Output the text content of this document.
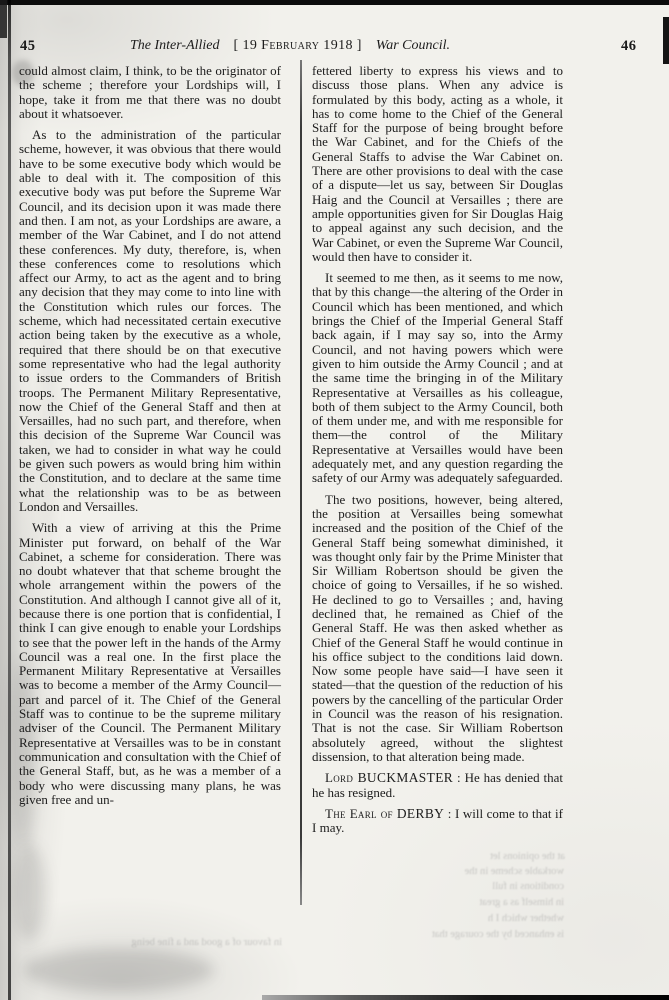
45	The Inter-Allied [ 19 February 1918 ] War Council.	46

could almost claim, I think, to be the originator of the scheme ; therefore your Lordships will, I hope, take it from me that there was no doubt about it whatsoever.

As to the administration of the particular scheme, however, it was obvious that there would have to be some executive body which would be able to deal with it. The composition of this executive body was put before the Supreme War Council, and its decision upon it was made there and then. I am not, as your Lordships are aware, a member of the War Cabinet, and I do not attend these conferences. My duty, therefore, is, when these conferences come to resolutions which affect our Army, to act as the agent and to bring any decision that they may come to into line with the Constitution which rules our forces. The scheme, which had necessitated certain executive action being taken by the executive as a whole, required that there should be on that executive some representative who had the legal authority to issue orders to the Commanders of British troops. The Permanent Military Representative, now the Chief of the General Staff and then at Versailles, had no such part, and therefore, when this decision of the Supreme War Council was taken, we had to consider in what way he could be given such powers as would bring him within the Constitution, and to declare at the same time what the relationship was to be as between London and Versailles.

With a view of arriving at this the Prime Minister put forward, on behalf of the War Cabinet, a scheme for consideration. There was no doubt whatever that that scheme brought the whole arrangement within the powers of the Constitution. And although I cannot give all of it, because there is one portion that is confidential, I think I can give enough to enable your Lordships to see that the power left in the hands of the Army Council was a real one. In the first place the Permanent Military Representative at Versailles was to become a member of the Army Council—part and parcel of it. The Chief of the General Staff was to continue to be the supreme military adviser of the Council. The Permanent Military Representative at Versailles was to be in constant communication and consultation with the Chief of the General Staff, but, as he was a member of a body who were discussing many plans, he was given free and un-

fettered liberty to express his views and to discuss those plans. When any advice is formulated by this body, acting as a whole, it has to come home to the Chief of the General Staff for the purpose of being brought before the War Cabinet, and for the Chiefs of the General Staffs to advise the War Cabinet on. There are other provisions to deal with the case of a dispute—let us say, between Sir Douglas Haig and the Council at Versailles ; there are ample opportunities given for Sir Douglas Haig to appeal against any such decision, and the War Cabinet, or even the Supreme War Council, would then have to consider it.

It seemed to me then, as it seems to me now, that by this change—the altering of the Order in Council which has been mentioned, and which brings the Chief of the Imperial General Staff back again, if I may say so, into the Army Council, and not having powers which were given to him outside the Army Council ; and at the same time the bringing in of the Military Representative at Versailles as his colleague, both of them subject to the Army Council, both of them under me, and with me responsible for them—the control of the Military Representative at Versailles would have been adequately met, and any question regarding the safety of our Army was adequately safeguarded.

The two positions, however, being altered, the position at Versailles being somewhat increased and the position of the Chief of the General Staff being somewhat diminished, it was thought only fair by the Prime Minister that Sir William Robertson should be given the choice of going to Versailles, if he so wished. He declined to go to Versailles ; and, having declined that, he remained as Chief of the General Staff. He was then asked whether as Chief of the General Staff he would continue in his office subject to the conditions laid down. Now some people have said—I have seen it stated—that the question of the reduction of his powers by the cancelling of the particular Order in Council was the reason of his resignation. That is not the case. Sir William Robertson absolutely agreed, without the slightest dissension, to that alteration being made.

Lord BUCKMASTER : He has denied that he has resigned.

The Earl of DERBY : I will come to that if I may.

at the opinions let
workable scheme in the
conditions in full
in himself as a great
whether which I h
is enhanced by the courage that
in favour of a good and a fine being
